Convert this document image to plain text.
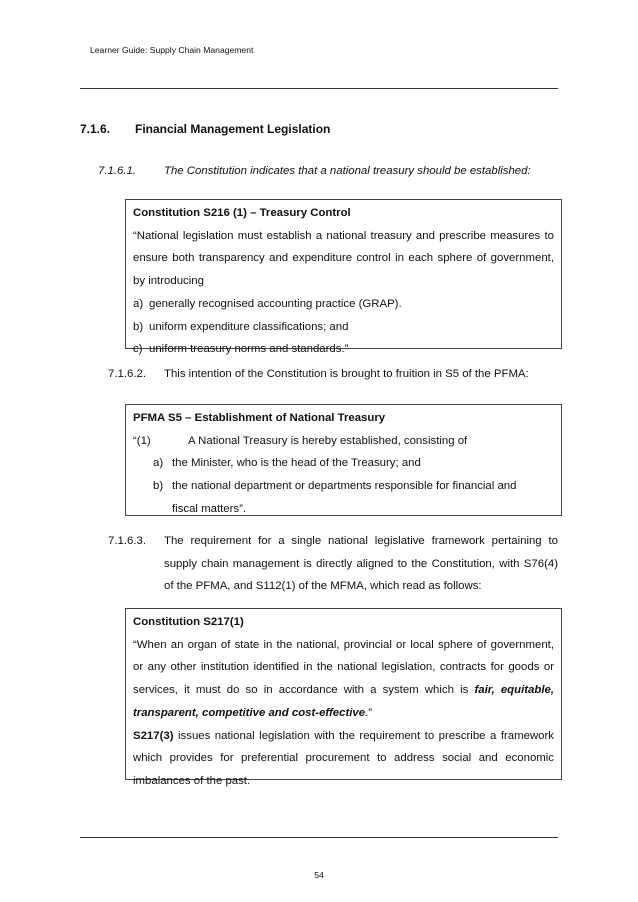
Learner Guide: Supply Chain Management
7.1.6. Financial Management Legislation
7.1.6.1. The Constitution indicates that a national treasury should be established:

Constitution S216 (1) – Treasury Control

“National legislation must establish a national treasury and prescribe measures to ensure both transparency and expenditure control in each sphere of government, by introducing

a) generally recognised accounting practice (GRAP).

b) uniform expenditure classifications; and

c) uniform treasury norms and standards.”

7.1.6.2. This intention of the Constitution is brought to fruition in S5 of the PFMA:

PFMA S5 – Establishment of National Treasury

“(1)	A National Treasury is hereby established, consisting of

a) the Minister, who is the head of the Treasury; and

b) the national department or departments responsible for financial and fiscal matters”.

7.1.6.3. The requirement for a single national legislative framework pertaining to supply chain management is directly aligned to the Constitution, with S76(4) of the PFMA, and S112(1) of the MFMA, which read as follows:

Constitution S217(1)

“When an organ of state in the national, provincial or local sphere of government, or any other institution identified in the national legislation, contracts for goods or services, it must do so in accordance with a system which is fair, equitable, transparent, competitive and cost-effective.”

S217(3) issues national legislation with the requirement to prescribe a framework which provides for preferential procurement to address social and economic imbalances of the past.

54
